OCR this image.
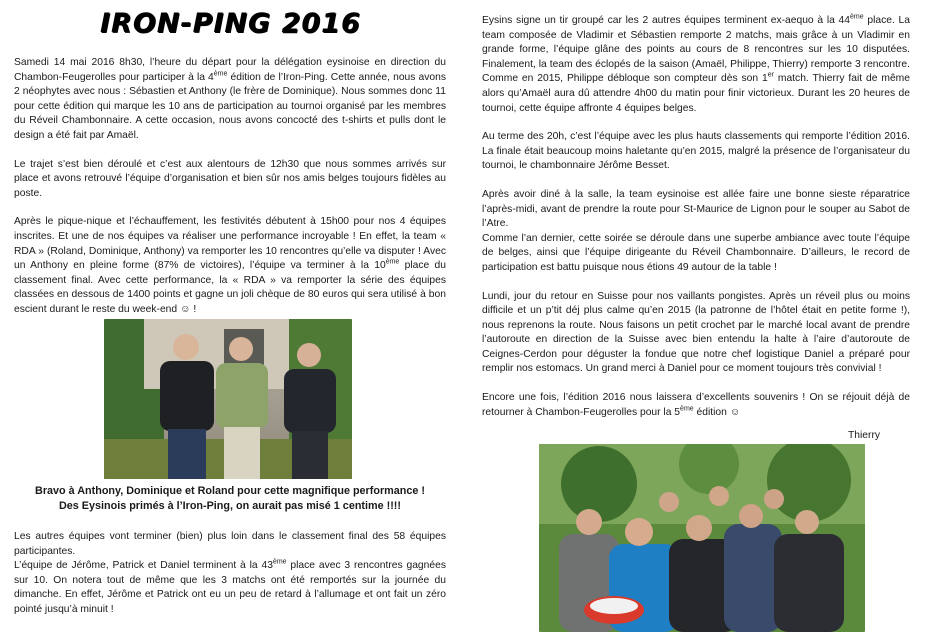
IRON-PING 2016

Samedi 14 mai 2016 8h30, l’heure du départ pour la délégation eysinoise en direction du Chambon-Feugerolles pour participer à la 4ème édition de l’Iron-Ping. Cette année, nous avons 2 néophytes avec nous : Sébastien et Anthony (le frère de Dominique). Nous sommes donc 11 pour cette édition qui marque les 10 ans de participation au tournoi organisé par les membres du Réveil Chambonnaire. A cette occasion, nous avons concocté des t-shirts et pulls dont le design a été fait par Amaël.

Le trajet s’est bien déroulé et c’est aux alentours de 12h30 que nous sommes arrivés sur place et avons retrouvé l’équipe d’organisation et bien sûr nos amis belges toujours fidèles au poste.

Après le pique-nique et l’échauffement, les festivités débutent à 15h00 pour nos 4 équipes inscrites. Et une de nos équipes va réaliser une performance incroyable ! En effet, la team « RDA » (Roland, Dominique, Anthony) va remporter les 10 rencontres qu’elle va disputer ! Avec un Anthony en pleine forme (87% de victoires), l’équipe va terminer à la 10ème place du classement final. Avec cette performance, la « RDA » va remporter la série des équipes classées en dessous de 1400 points et gagne un joli chèque de 80 euros qui sera utilisé à bon escient durant le reste du week-end ☺ !

Bravo à Anthony, Dominique et Roland pour cette magnifique performance !
Des Eysinois primés à l’Iron-Ping, on aurait pas misé 1 centime !!!!

Les autres équipes vont terminer (bien) plus loin dans le classement final des 58 équipes participantes.

L’équipe de Jérôme, Patrick et Daniel terminent à la 43ème place avec 3 rencontres gagnées sur 10. On notera tout de même que les 3 matchs ont été remportés sur la journée du dimanche. En effet, Jérôme et Patrick ont eu un peu de retard à l’allumage et ont fait un zéro pointé jusqu’à minuit !

Eysins signe un tir groupé car les 2 autres équipes terminent ex-aequo à la 44ème place. La team composée de Vladimir et Sébastien remporte 2 matchs, mais grâce à un Vladimir en grande forme, l’équipe glâne des points au cours de 8 rencontres sur les 10 disputées. Finalement, la team des éclopés de la saison (Amaël, Philippe, Thierry) remporte 3 rencontre. Comme en 2015, Philippe débloque son compteur dès son 1er match. Thierry fait de même alors qu’Amaël aura dû attendre 4h00 du matin pour finir victorieux. Durant les 20 heures de tournoi, cette équipe affronte 4 équipes belges.

Au terme des 20h, c’est l’équipe avec les plus hauts classements qui remporte l’édition 2016. La finale était beaucoup moins haletante qu’en 2015, malgré la présence de l’organisateur du tournoi, le chambonnaire Jérôme Besset.

Après avoir diné à la salle, la team eysinoise est allée faire une bonne sieste réparatrice l’après-midi, avant de prendre la route pour St-Maurice de Lignon pour le souper au Sabot de l’Atre.

Comme l’an dernier, cette soirée se déroule dans une superbe ambiance avec toute l’équipe de belges, ainsi que l’équipe dirigeante du Réveil Chambonnaire. D’ailleurs, le record de participation est battu puisque nous étions 49 autour de la table !

Lundi, jour du retour en Suisse pour nos vaillants pongistes. Après un réveil plus ou moins difficile et un p’tit déj plus calme qu’en 2015 (la patronne de l’hôtel était en petite forme !), nous reprenons la route. Nous faisons un petit crochet par le marché local avant de prendre l’autoroute en direction de la Suisse avec bien entendu la halte à l’aire d’autoroute de Ceignes-Cerdon pour déguster la fondue que notre chef logistique Daniel a préparé pour remplir nos estomacs. Un grand merci à Daniel pour ce moment toujours très convivial !

Encore une fois, l’édition 2016 nous laissera d’excellents souvenirs ! On se réjouit déjà de retourner à Chambon-Feugerolles pour la 5ème édition ☺

Thierry
